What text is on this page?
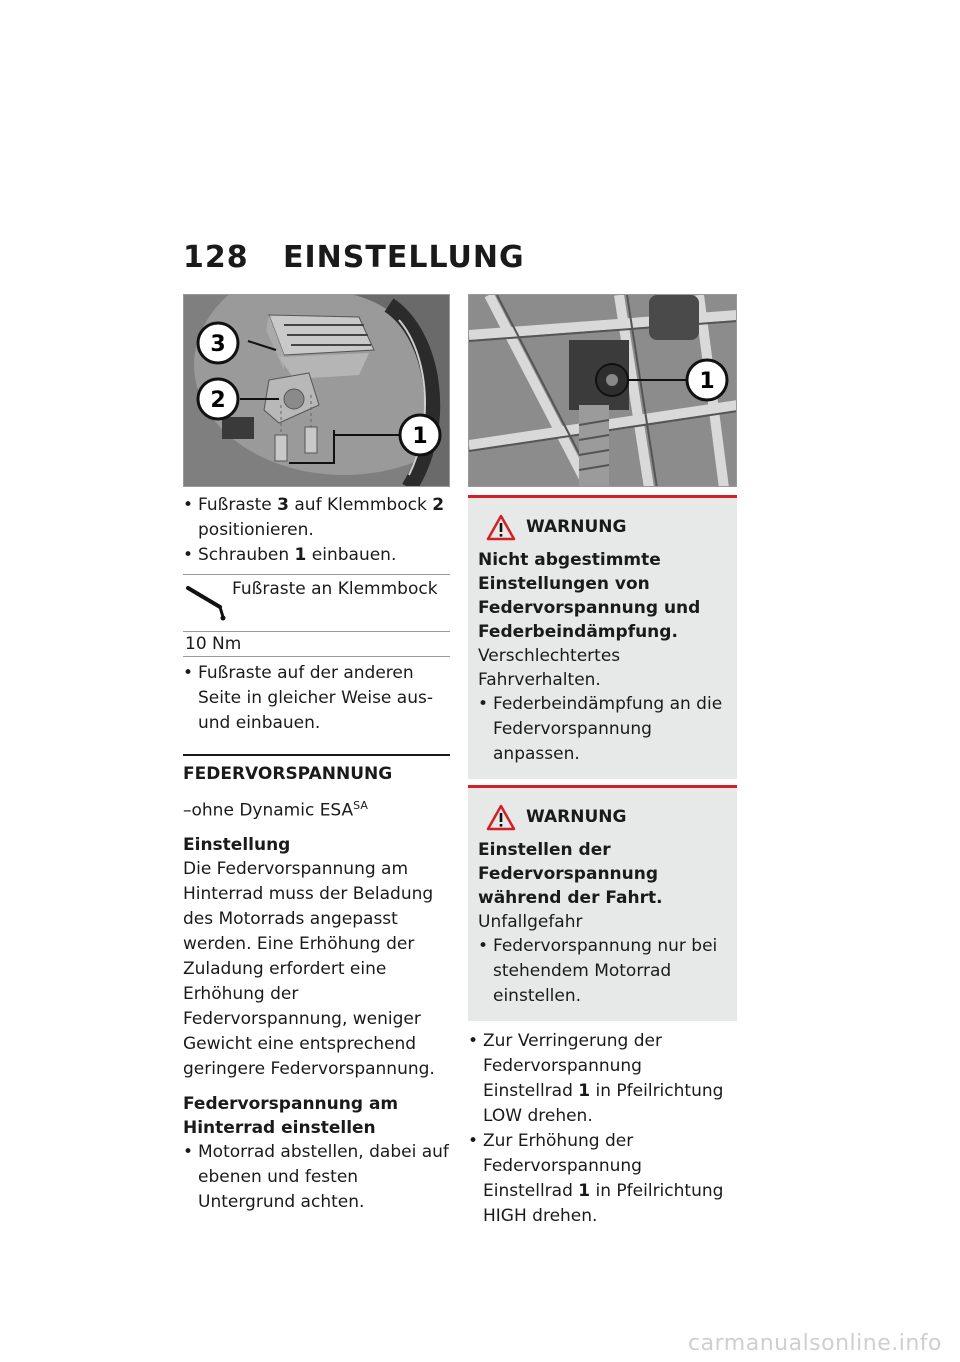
128 EINSTELLUNG
3
2
1
• Fußraste 3 auf Klemmbock 2 positionieren.
• Schrauben 1 einbauen.
Fußraste an Klemmbock
10 Nm
• Fußraste auf der anderen Seite in gleicher Weise aus- und einbauen.
FEDERVORSPANNUNG
–ohne Dynamic $ESA^{SA}$
Einstellung

Die Federvorspannung am Hinterrad muss der Beladung des Motorrads angepasst werden. Eine Erhöhung der Zuladung erfordert eine Erhöhung der Federvorspannung, weniger Gewicht eine entsprechend geringere Federvorspannung.

Federvorspannung am Hinterrad einstellen
• Motorrad abstellen, dabei auf ebenen und festen Untergrund achten.
1
WARNUNG
Nicht abgestimmte Einstellungen von Federvorspannung und Federbeindämpfung.
Verschlechtertes Fahrverhalten.
• Federbeindämpfung an die Federvorspannung anpassen.
WARNUNG
Einstellen der Federvorspannung während der Fahrt.
Unfallgefahr
• Federvorspannung nur bei stehendem Motorrad einstellen.
• Zur Verringerung der Federvorspannung Einstellrad 1 in Pfeilrichtung LOW drehen.
• Zur Erhöhung der Federvorspannung Einstellrad 1 in Pfeilrichtung HIGH drehen.
carmanualsonline.info
